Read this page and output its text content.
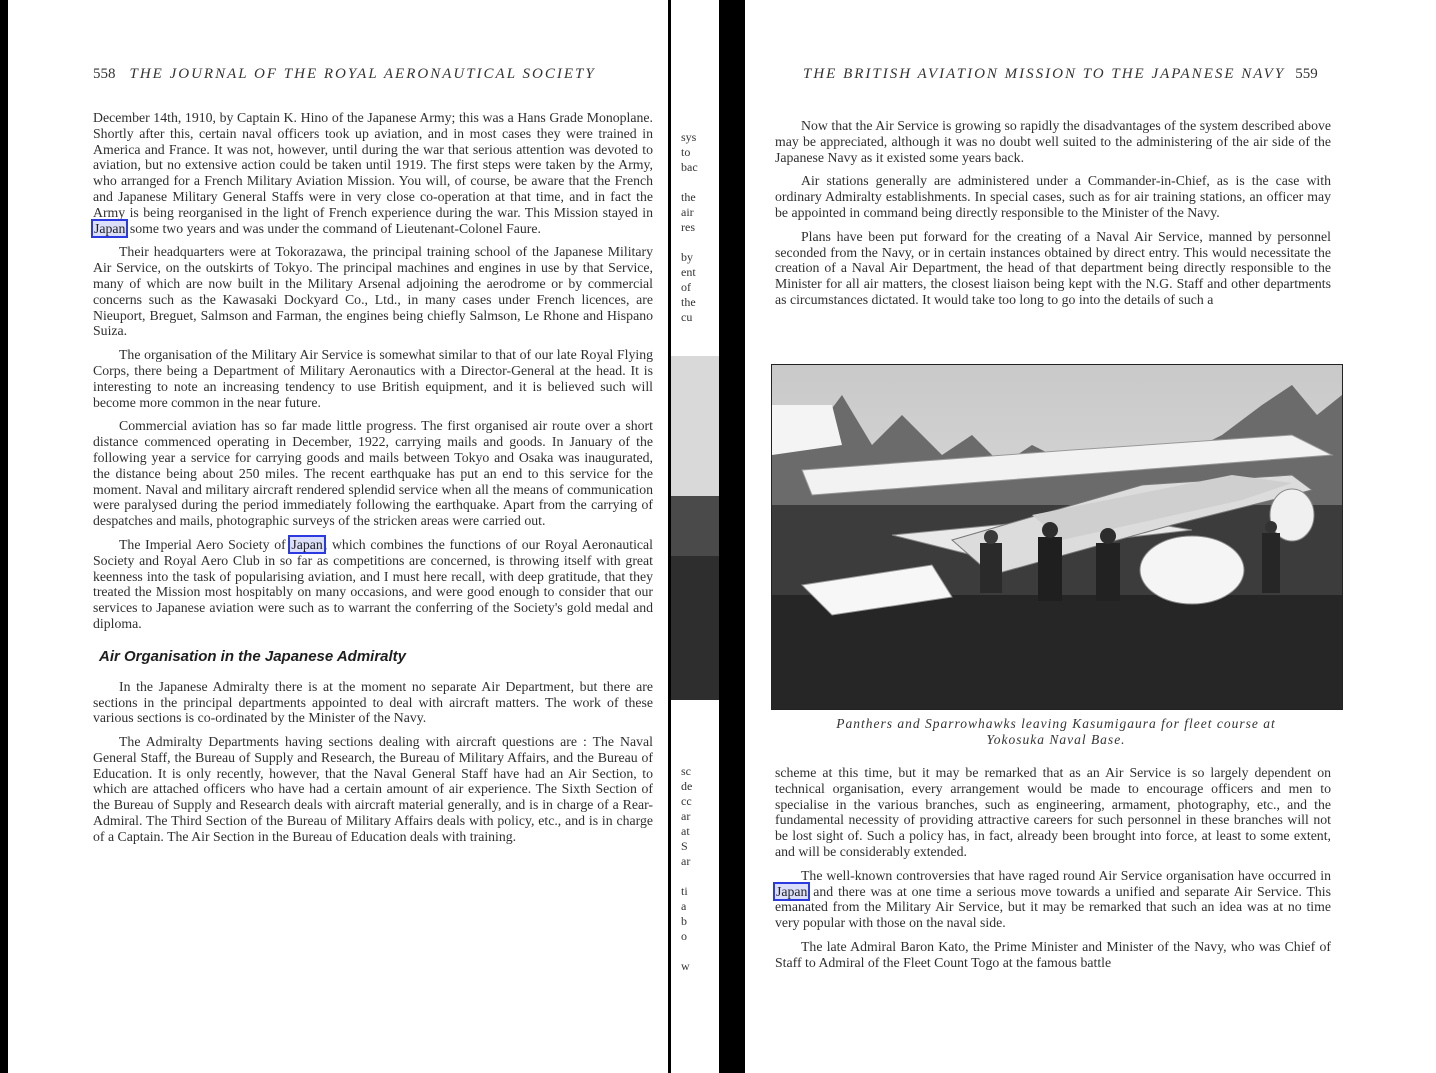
558 THE JOURNAL OF THE ROYAL AERONAUTICAL SOCIETY

December 14th, 1910, by Captain K. Hino of the Japanese Army; this was a Hans Grade Monoplane. Shortly after this, certain naval officers took up aviation, and in most cases they were trained in America and France. It was not, however, until during the war that serious attention was devoted to aviation, but no extensive action could be taken until 1919. The first steps were taken by the Army, who arranged for a French Military Aviation Mission. You will, of course, be aware that the French and Japanese Military General Staffs were in very close co-operation at that time, and in fact the Army is being reorganised in the light of French experience during the war. This Mission stayed in Japan some two years and was under the command of Lieutenant-Colonel Faure.

Their headquarters were at Tokorazawa, the principal training school of the Japanese Military Air Service, on the outskirts of Tokyo. The principal machines and engines in use by that Service, many of which are now built in the Military Arsenal adjoining the aerodrome or by commercial concerns such as the Kawasaki Dockyard Co., Ltd., in many cases under French licences, are Nieuport, Breguet, Salmson and Farman, the engines being chiefly Salmson, Le Rhone and Hispano Suiza.

The organisation of the Military Air Service is somewhat similar to that of our late Royal Flying Corps, there being a Department of Military Aeronautics with a Director-General at the head. It is interesting to note an increasing tendency to use British equipment, and it is believed such will become more common in the near future.

Commercial aviation has so far made little progress. The first organised air route over a short distance commenced operating in December, 1922, carrying mails and goods. In January of the following year a service for carrying goods and mails between Tokyo and Osaka was inaugurated, the distance being about 250 miles. The recent earthquake has put an end to this service for the moment. Naval and military aircraft rendered splendid service when all the means of communication were paralysed during the period immediately following the earthquake. Apart from the carrying of despatches and mails, photographic surveys of the stricken areas were carried out.

The Imperial Aero Society of Japan, which combines the functions of our Royal Aeronautical Society and Royal Aero Club in so far as competitions are concerned, is throwing itself with great keenness into the task of popularising aviation, and I must here recall, with deep gratitude, that they treated the Mission most hospitably on many occasions, and were good enough to consider that our services to Japanese aviation were such as to warrant the conferring of the Society's gold medal and diploma.

Air Organisation in the Japanese Admiralty

In the Japanese Admiralty there is at the moment no separate Air Department, but there are sections in the principal departments appointed to deal with aircraft matters. The work of these various sections is co-ordinated by the Minister of the Navy.

The Admiralty Departments having sections dealing with aircraft questions are : The Naval General Staff, the Bureau of Supply and Research, the Bureau of Military Affairs, and the Bureau of Education. It is only recently, however, that the Naval General Staff have had an Air Section, to which are attached officers who have had a certain amount of air experience. The Sixth Section of the Bureau of Supply and Research deals with aircraft material generally, and is in charge of a Rear-Admiral. The Third Section of the Bureau of Military Affairs deals with policy, etc., and is in charge of a Captain. The Air Section in the Bureau of Education deals with training.

sys
to
bac

the
air
res

by
ent
of
the
cu
sc
de
cc
ar
at
S
ar

ti
a
b
o

w
THE BRITISH AVIATION MISSION TO THE JAPANESE NAVY 559

Now that the Air Service is growing so rapidly the disadvantages of the system described above may be appreciated, although it was no doubt well suited to the administering of the air side of the Japanese Navy as it existed some years back.

Air stations generally are administered under a Commander-in-Chief, as is the case with ordinary Admiralty establishments. In special cases, such as for air training stations, an officer may be appointed in command being directly responsible to the Minister of the Navy.

Plans have been put forward for the creating of a Naval Air Service, manned by personnel seconded from the Navy, or in certain instances obtained by direct entry. This would necessitate the creation of a Naval Air Department, the head of that department being directly responsible to the Minister for all air matters, the closest liaison being kept with the N.G. Staff and other departments as circumstances dictated. It would take too long to go into the details of such a

Panthers and Sparrowhawks leaving Kasumigaura for fleet course at
Yokosuka Naval Base.

scheme at this time, but it may be remarked that as an Air Service is so largely dependent on technical organisation, every arrangement would be made to encourage officers and men to specialise in the various branches, such as engineering, armament, photography, etc., and the fundamental necessity of providing attractive careers for such personnel in these branches will not be lost sight of. Such a policy has, in fact, already been brought into force, at least to some extent, and will be considerably extended.

The well-known controversies that have raged round Air Service organisation have occurred in Japan and there was at one time a serious move towards a unified and separate Air Service. This emanated from the Military Air Service, but it may be remarked that such an idea was at no time very popular with those on the naval side.

The late Admiral Baron Kato, the Prime Minister and Minister of the Navy, who was Chief of Staff to Admiral of the Fleet Count Togo at the famous battle
